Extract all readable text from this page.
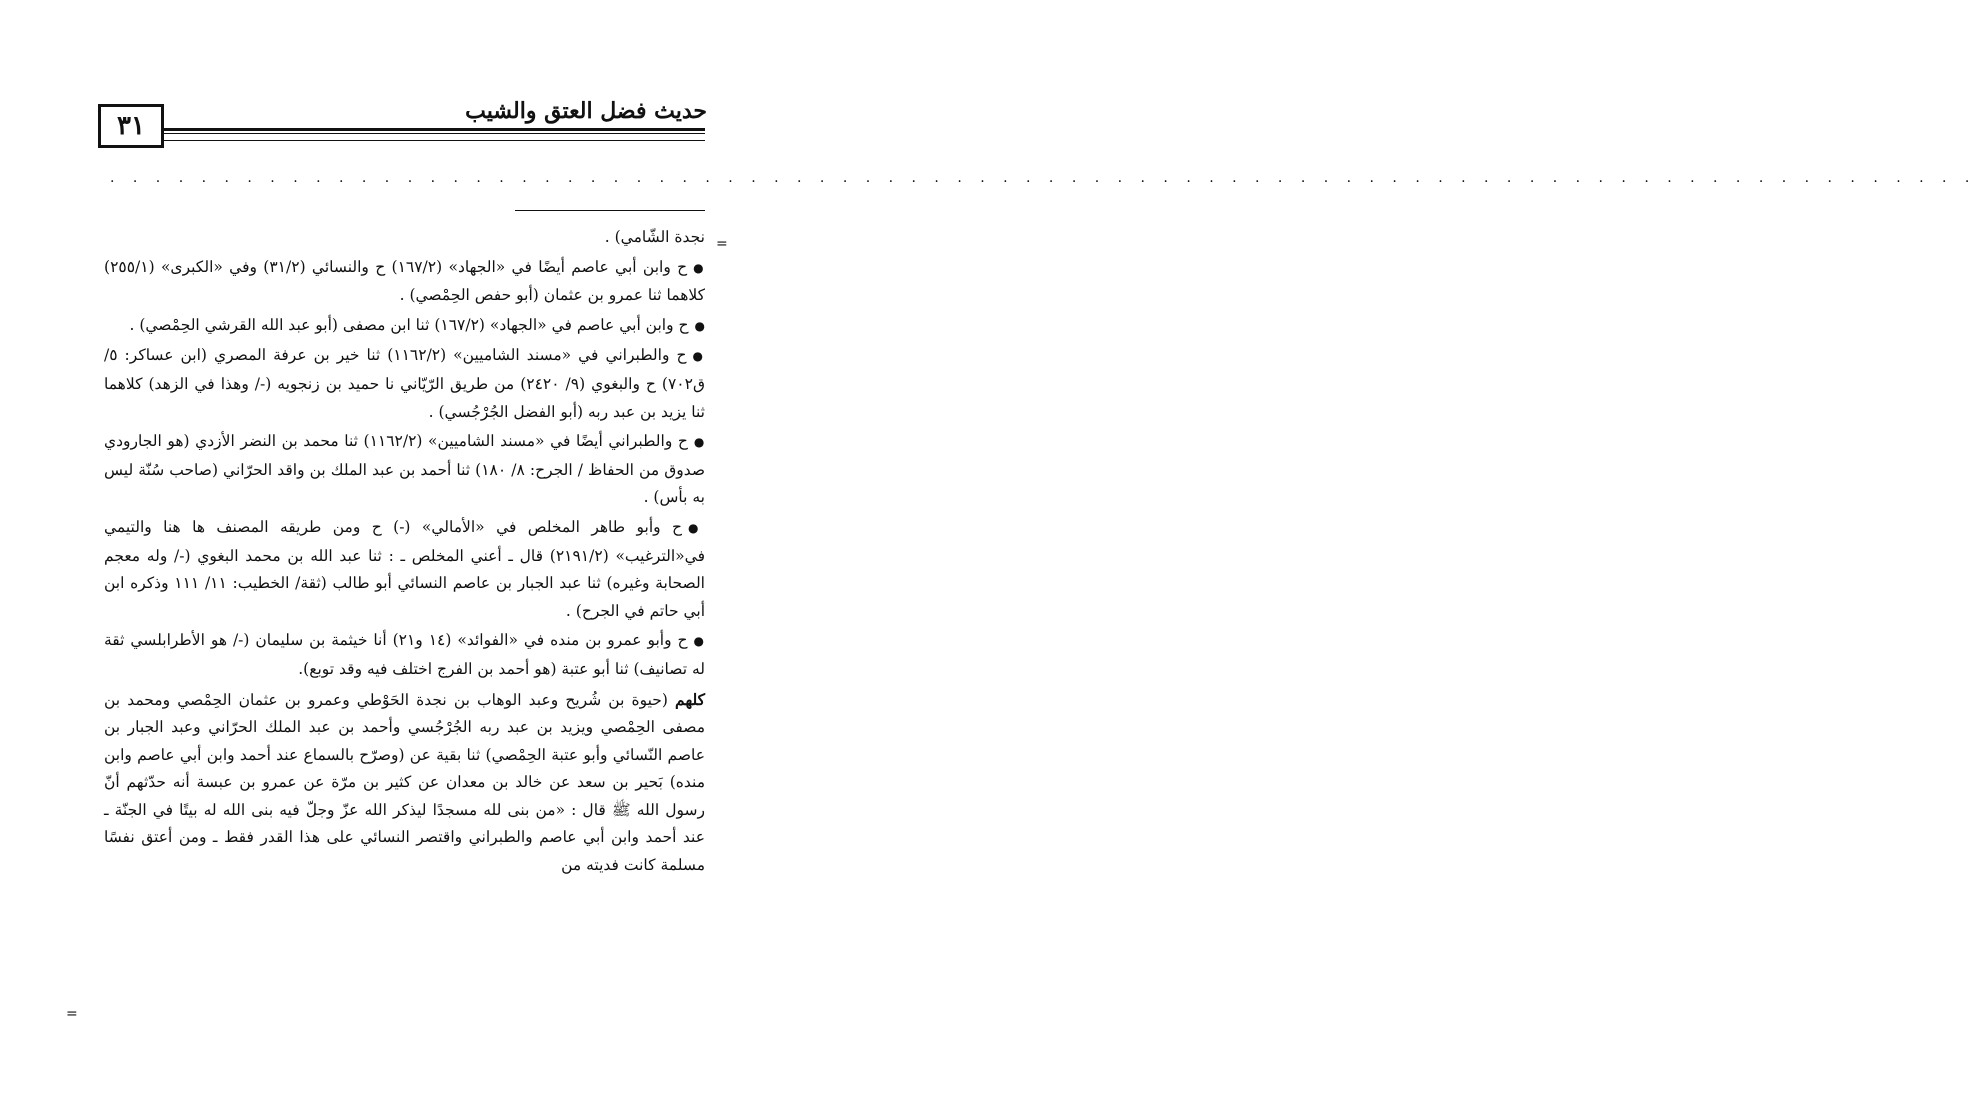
حديث فضل العتق والشيب
٣١
. . . . . . . . . . . . . . . . . . . . . . . . . . . . . . . . . . . . . . . . . . . . . . . . . . . . . . . . . . . . . . . . . . . . . . . . . . . . . . . . . .
=
=

نجدة الشّامي) .

● ح وابن أبي عاصم أيضًا في «الجهاد» (١٦٧/٢) ح والنسائي (٣١/٢) وفي «الكبرى» (٢٥٥/١) كلاهما ثنا عمرو بن عثمان (أبو حفص الحِمْصي) .

● ح وابن أبي عاصم في «الجهاد» (١٦٧/٢) ثنا ابن مصفى (أبو عبد الله القرشي الحِمْصي) .

● ح والطبراني في «مسند الشاميين» (١١٦٢/٢) ثنا خير بن عرفة المصري (ابن عساكر: ٥/ق٧٠٢) ح والبغوي (٩/ ٢٤٢٠) من طريق الرّيّاني نا حميد بن زنجويه (-/ وهذا في الزهد) كلاهما ثنا يزيد بن عبد ربه (أبو الفضل الجُرْجُسي) .

● ح والطبراني أيضًا في «مسند الشاميين» (١١٦٢/٢) ثنا محمد بن النضر الأزدي (هو الجارودي صدوق من الحفاظ / الجرح: ٨/ ١٨٠) ثنا أحمد بن عبد الملك بن واقد الحرّاني (صاحب سُنّة ليس به بأس) .

● ح وأبو طاهر المخلص في «الأمالي» (-) ح ومن طريقه المصنف ها هنا والتيمي في«الترغيب» (٢١٩١/٢) قال ـ أعني المخلص ـ : ثنا عبد الله بن محمد البغوي (-/ وله معجم الصحابة وغيره) ثنا عبد الجبار بن عاصم النسائي أبو طالب (ثقة/ الخطيب: ١١/ ١١١ وذكره ابن أبي حاتم في الجرح) .

● ح وأبو عمرو بن منده في «الفوائد» (١٤ و٢١) أنا خيثمة بن سليمان (-/ هو الأطرابلسي ثقة له تصانيف) ثنا أبو عتبة (هو أحمد بن الفرج اختلف فيه وقد توبع).

كلهم (حيوة بن شُريح وعبد الوهاب بن نجدة الحَوْطي وعمرو بن عثمان الحِمْصي ومحمد بن مصفى الحِمْصي ويزيد بن عبد ربه الجُرْجُسي وأحمد بن عبد الملك الحرّاني وعبد الجبار بن عاصم النّسائي وأبو عتبة الحِمْصي) ثنا بقية عن (وصرّح بالسماع عند أحمد وابن أبي عاصم وابن منده) بَحير بن سعد عن خالد بن معدان عن كثير بن مرّة عن عمرو بن عبسة أنه حدّثهم أنّ رسول الله ﷺ قال : «من بنى لله مسجدًا ليذكر الله عزّ وجلّ فيه بنى الله له بيتًا في الجنّة ـ عند أحمد وابن أبي عاصم والطبراني واقتصر النسائي على هذا القدر فقط ـ ومن أعتق نفسًا مسلمة كانت فديته من
